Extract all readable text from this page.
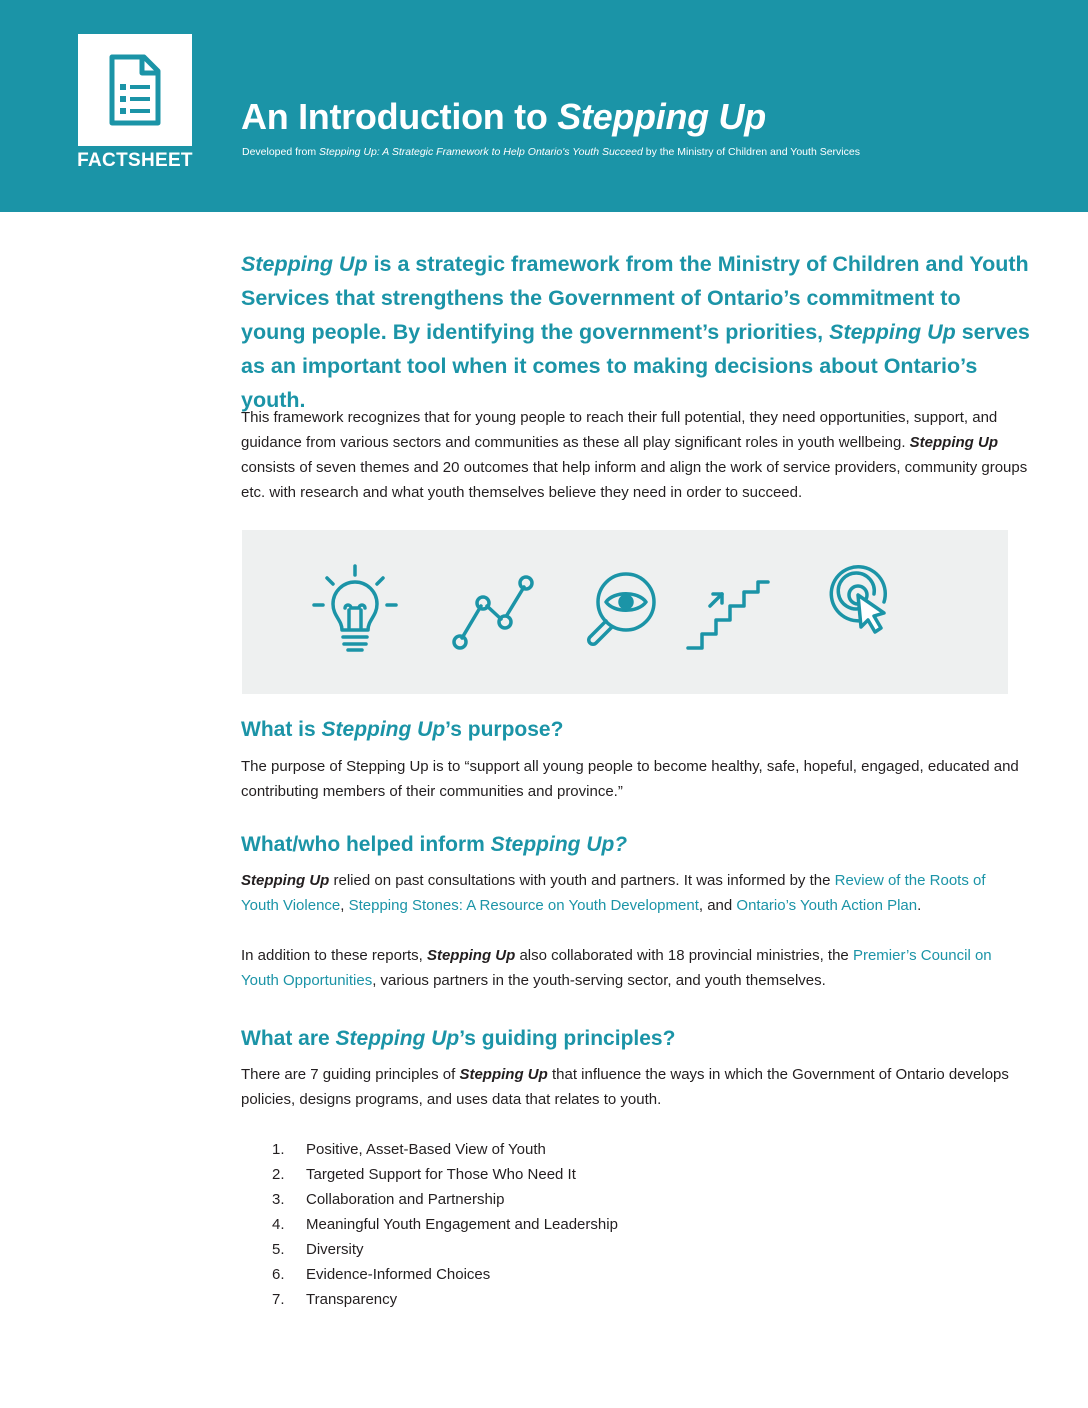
FACTSHEET
An Introduction to Stepping Up

Developed from Stepping Up: A Strategic Framework to Help Ontario's Youth Succeed by the Ministry of Children and Youth Services

Stepping Up is a strategic framework from the Ministry of Children and Youth Services that strengthens the Government of Ontario’s commitment to young people. By identifying the government’s priorities, Stepping Up serves as an important tool when it comes to making decisions about Ontario’s youth.

This framework recognizes that for young people to reach their full potential, they need opportunities, support, and guidance from various sectors and communities as these all play significant roles in youth wellbeing. Stepping Up consists of seven themes and 20 outcomes that help inform and align the work of service providers, community groups etc. with research and what youth themselves believe they need in order to succeed.

What is Stepping Up’s purpose?

The purpose of Stepping Up is to “support all young people to become healthy, safe, hopeful, engaged, educated and contributing members of their communities and province.”

What/who helped inform Stepping Up?

Stepping Up relied on past consultations with youth and partners. It was informed by the Review of the Roots of Youth Violence, Stepping Stones: A Resource on Youth Development, and Ontario’s Youth Action Plan.

In addition to these reports, Stepping Up also collaborated with 18 provincial ministries, the Premier’s Council on Youth Opportunities, various partners in the youth-serving sector, and youth themselves.

What are Stepping Up’s guiding principles?

There are 7 guiding principles of Stepping Up that influence the ways in which the Government of Ontario develops policies, designs programs, and uses data that relates to youth.

1. Positive, Asset-Based View of Youth
2. Targeted Support for Those Who Need It
3. Collaboration and Partnership
4. Meaningful Youth Engagement and Leadership
5. Diversity
6. Evidence-Informed Choices
7. Transparency
